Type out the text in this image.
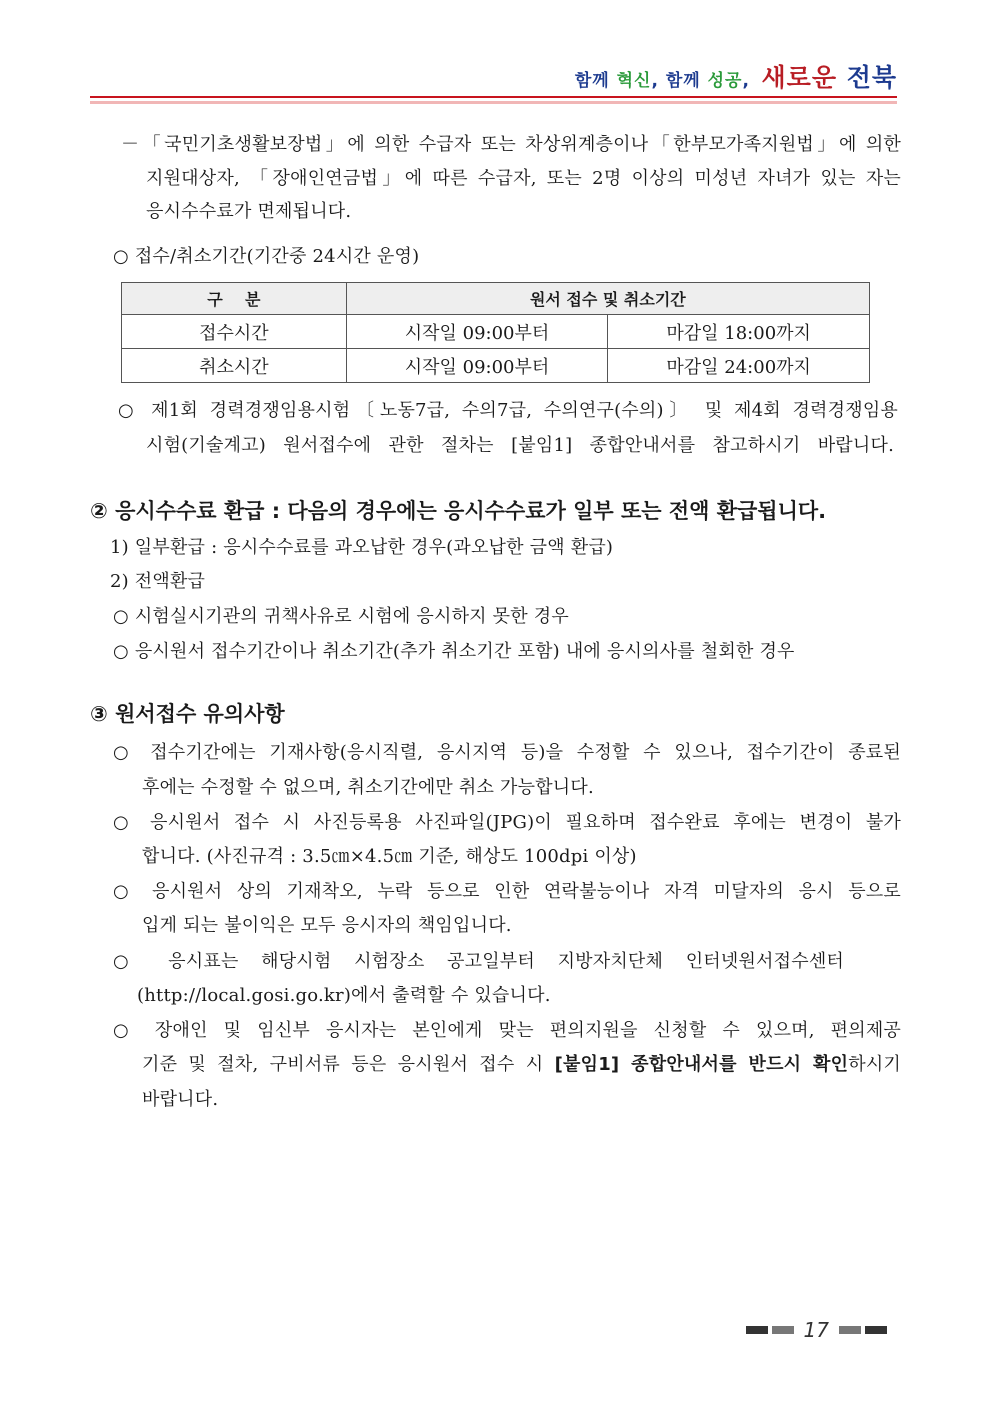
함께 혁신, 함께 성공, 새로운 전북
－「국민기초생활보장법」에 의한 수급자 또는 차상위계층이나「한부모가족지원법」에 의한
지원대상자, 「장애인연금법」에 따른 수급자, 또는 2명 이상의 미성년 자녀가 있는 자는
응시수수료가 면제됩니다.
○ 접수/취소기간(기간중 24시간 운영)
구    분	원서 접수 및 취소기간	
접수시간	시작일 09:00부터	마감일 18:00까지
취소시간	시작일 09:00부터	마감일 24:00까지
○ 제1회 경력경쟁임용시험〔노동7급, 수의7급, 수의연구(수의)〕 및 제4회 경력경쟁임용
시험(기술계고) 원서접수에 관한 절차는 [붙임1] 종합안내서를 참고하시기 바랍니다.
② 응시수수료 환급 : 다음의 경우에는 응시수수료가 일부 또는 전액 환급됩니다.
1) 일부환급 : 응시수수료를 과오납한 경우(과오납한 금액 환급)
2) 전액환급
○ 시험실시기관의 귀책사유로 시험에 응시하지 못한 경우
○ 응시원서 접수기간이나 취소기간(추가 취소기간 포함) 내에 응시의사를 철회한 경우
③ 원서접수 유의사항
○ 접수기간에는 기재사항(응시직렬, 응시지역 등)을 수정할 수 있으나, 접수기간이 종료된
후에는 수정할 수 없으며, 취소기간에만 취소 가능합니다.
○ 응시원서 접수 시 사진등록용 사진파일(JPG)이 필요하며 접수완료 후에는 변경이 불가
합니다. (사진규격 : 3.5㎝×4.5㎝ 기준, 해상도 100dpi 이상)
○ 응시원서 상의 기재착오, 누락 등으로 인한 연락불능이나 자격 미달자의 응시 등으로
입게 되는 불이익은 모두 응시자의 책임입니다.
○ 응시표는 해당시험 시험장소 공고일부터 지방자치단체 인터넷원서접수센터
(http://local.gosi.go.kr)에서 출력할 수 있습니다.
○ 장애인 및 임신부 응시자는 본인에게 맞는 편의지원을 신청할 수 있으며, 편의제공
기준 및 절차, 구비서류 등은 응시원서 접수 시 [붙임1] 종합안내서를 반드시 확인하시기
바랍니다.
17
